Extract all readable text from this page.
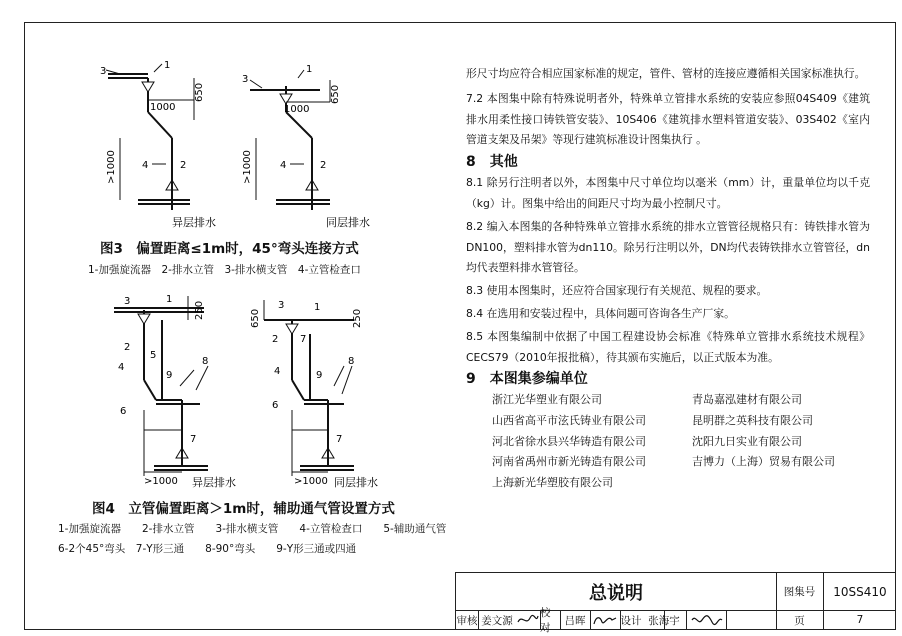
1000	1000
650	650
>1000	>1000
3
1
4	2
3
1
4	2
异层排水	同层排水
图3　偏置距离≤1m时，45°弯头连接方式
1-加强旋流器　2-排水立管　3-排水横支管　4-立管检查口
250	250
650
>1000	>1000
3	1
2
5
4
6
7
8
9
3	1
2 7
4
6
7
8
9
异层排水	同层排水
图4　立管偏置距离＞1m时，辅助通气管设置方式
1-加强旋流器　　2-排水立管　　3-排水横支管　　4-立管检查口　　5-辅助通气管
6-2个45°弯头　7-Y形三通　　8-90°弯头　　9-Y形三通或四通

形尺寸均应符合相应国家标准的规定，管件、管材的连接应遵循相关国家标准执行。

7.2 本图集中除有特殊说明者外，特殊单立管排水系统的安装应参照04S409《建筑排水用柔性接口铸铁管安装》、10S406《建筑排水塑料管道安装》、03S402《室内管道支架及吊架》等现行建筑标准设计图集执行 。

8　其他

8.1 除另行注明者以外，本图集中尺寸单位均以毫米（mm）计，重量单位均以千克（kg）计。图集中给出的间距尺寸均为最小控制尺寸。

8.2 编入本图集的各种特殊单立管排水系统的排水立管管径规格只有：铸铁排水管为DN100，塑料排水管为dn110。除另行注明以外，DN均代表铸铁排水立管管径，dn均代表塑料排水管管径。

8.3 使用本图集时，还应符合国家现行有关规范、规程的要求。

8.4 在选用和安装过程中，具体问题可咨询各生产厂家。

8.5 本图集编制中依据了中国工程建设协会标准《特殊单立管排水系统技术规程》CECS79（2010年报批稿），待其颁布实施后，以正式版本为准。

9　本图集参编单位
浙江光华塑业有限公司	青岛嘉泓建材有限公司
山西省高平市泫氏铸业有限公司	昆明群之英科技有限公司
河北省徐水县兴华铸造有限公司	沈阳九日实业有限公司
河南省禹州市新光铸造有限公司	吉博力（上海）贸易有限公司
上海新光华塑胶有限公司
总说明	图集号	10SS410
审核 姜文源
校对
吕晖	设计 张海宇	页	7
